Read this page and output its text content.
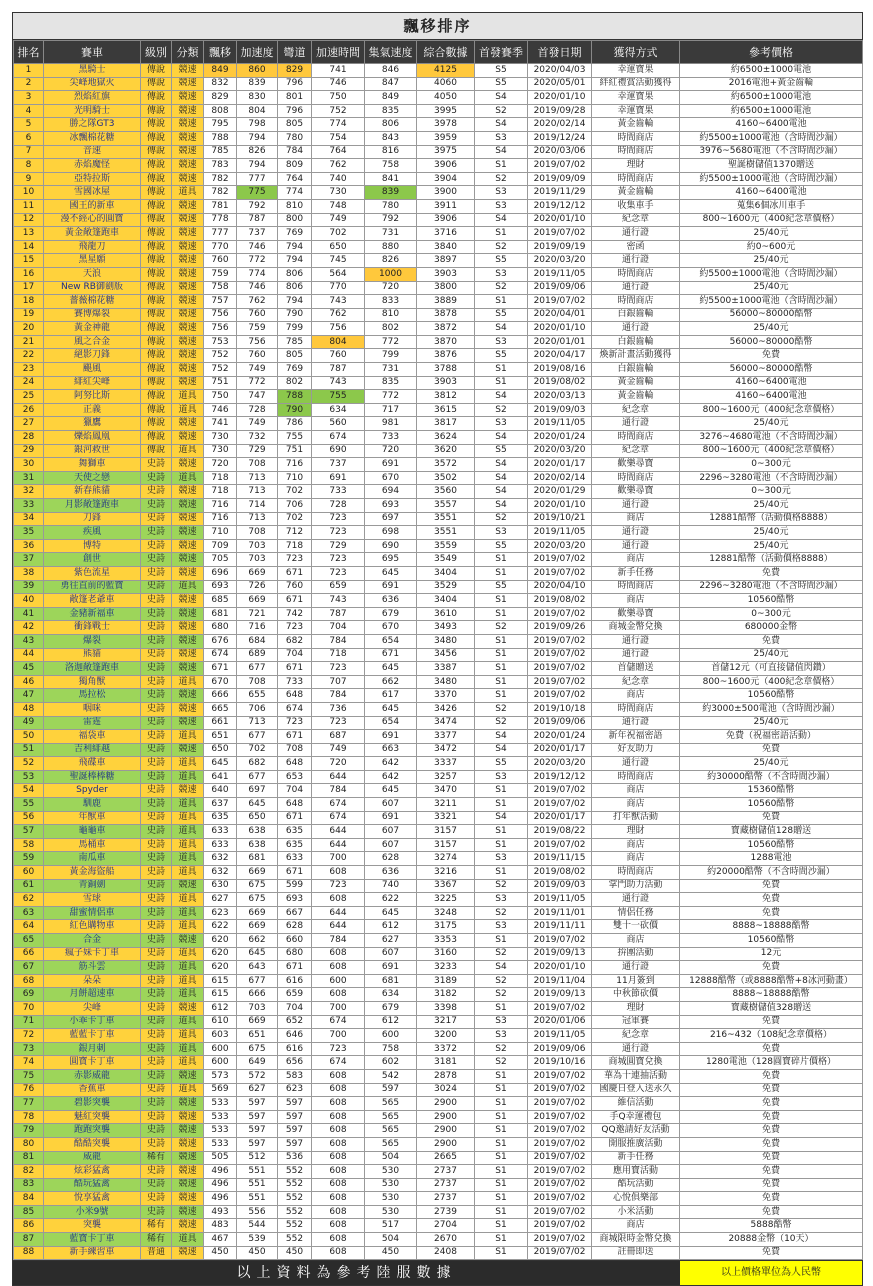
飄移排序
排名	賽車	級別	分類	飄移	加速度	彎道	加速時間	集氣速度	綜合數據	首發賽季	首發日期	獲得方式	參考價格
1	黑騎士	傳說	競速	849	860	829	741	846	4125	S5	2020/04/03	幸運寶果	約6500±1000電池
2	尖峰地獄火	傳說	競速	832	839	796	746	847	4060	S5	2020/05/01	絆紅禮賞活動獲得	2016電池+黃金齒輪
3	烈焰紅旗	傳說	競速	829	830	801	750	849	4050	S4	2020/01/10	幸運寶果	約6500±1000電池
4	光明騎士	傳說	競速	808	804	796	752	835	3995	S2	2019/09/28	幸運寶果	約6500±1000電池
5	勝之隊GT3	傳說	競速	795	798	805	774	806	3978	S4	2020/02/14	黃金齒輪	4160~6400電池
6	冰飄棉花糖	傳說	競速	788	794	780	754	843	3959	S3	2019/12/24	時間商店	約5500±1000電池（含時間沙漏）
7	音速	傳說	競速	785	826	784	764	816	3975	S4	2020/03/06	時間商店	3976~5680電池（不含時間沙漏）
8	赤焰魔怪	傳說	競速	783	794	809	762	758	3906	S1	2019/07/02	理財	聖誕樹儲值1370贈送
9	亞特拉斯	傳說	競速	782	777	764	740	841	3904	S2	2019/09/09	時間商店	約5500±1000電池（含時間沙漏）
10	雪國冰屋	傳說	道具	782	775	774	730	839	3900	S3	2019/11/29	黃金齒輪	4160~6400電池
11	國王的新車	傳說	競速	781	792	810	748	780	3911	S3	2019/12/12	收集車手	蒐集6個冰川車手
12	漫不經心的圓寶	傳說	競速	778	787	800	749	792	3906	S4	2020/01/10	紀念章	800~1600元（400紀念章價格）
13	黃金敞篷跑車	傳說	競速	777	737	769	702	731	3716	S1	2019/07/02	通行證	25/40元
14	飛龍刀	傳說	競速	770	746	794	650	880	3840	S2	2019/09/19	密函	約0~600元
15	黑星願	傳說	競速	760	772	794	745	826	3897	S5	2020/03/20	通行證	25/40元
16	天浪	傳說	競速	759	774	806	564	1000	3903	S3	2019/11/05	時間商店	約5500±1000電池（含時間沙漏）
17	New RB御劍版	傳說	競速	758	746	806	770	720	3800	S2	2019/09/06	通行證	25/40元
18	薔薇棉花糖	傳說	競速	757	762	794	743	833	3889	S1	2019/07/02	時間商店	約5500±1000電池（含時間沙漏）
19	賽博爆裂	傳說	競速	756	760	790	762	810	3878	S5	2020/04/01	白銀齒輪	56000~80000酷幣
20	黃金神龍	傳說	競速	756	759	799	756	802	3872	S4	2020/01/10	通行證	25/40元
21	風之合金	傳說	競速	753	756	785	804	772	3870	S3	2020/01/01	白銀齒輪	56000~80000酷幣
22	絕影刀鋒	傳說	競速	752	760	805	760	799	3876	S5	2020/04/17	煥新計畫活動獲得	免費
23	颶風	傳說	競速	752	749	769	787	731	3788	S1	2019/08/16	白銀齒輪	56000~80000酷幣
24	緋紅尖峰	傳說	競速	751	772	802	743	835	3903	S1	2019/08/02	黃金齒輪	4160~6400電池
25	阿努比斯	傳說	道具	750	747	788	755	772	3812	S4	2020/03/13	黃金齒輪	4160~6400電池
26	正義	傳說	道具	746	728	790	634	717	3615	S2	2019/09/03	紀念章	800~1600元（400紀念章價格）
27	獵鷹	傳說	競速	741	749	786	560	981	3817	S3	2019/11/05	通行證	25/40元
28	爍焰鳳凰	傳說	競速	730	732	755	674	733	3624	S4	2020/01/24	時間商店	3276~4680電池（不含時間沙漏）
29	銀河救世	傳說	道具	730	729	751	690	720	3620	S5	2020/03/20	紀念章	800~1600元（400紀念章價格）
30	舞獅車	史詩	競速	720	708	716	737	691	3572	S4	2020/01/17	歡樂尋寶	0~300元
31	天使之戀	史詩	道具	718	713	710	691	670	3502	S4	2020/02/14	時間商店	2296~3280電池（不含時間沙漏）
32	新春熊貓	史詩	競速	718	713	702	733	694	3560	S4	2020/01/29	歡樂尋寶	0~300元
33	月影敞篷跑車	史詩	競速	716	714	706	728	693	3557	S4	2020/01/10	通行證	25/40元
34	刀鋒	史詩	競速	716	713	702	723	697	3551	S2	2019/10/21	商店	12881酷幣（活動價格8888）
35	疾風	史詩	競速	710	708	712	723	698	3551	S3	2019/11/05	通行證	25/40元
36	博特	史詩	競速	709	703	718	729	690	3559	S5	2020/03/20	通行證	25/40元
37	創世	史詩	競速	705	703	723	723	695	3549	S1	2019/07/02	商店	12881酷幣（活動價格8888）
38	紫色流星	史詩	競速	696	669	671	723	645	3404	S1	2019/07/02	新手任務	免費
39	勇往直前的藍寶	史詩	道具	693	726	760	659	691	3529	S5	2020/04/10	時間商店	2296~3280電池（不含時間沙漏）
40	敞篷老爺車	史詩	競速	685	669	671	743	636	3404	S1	2019/08/02	商店	10560酷幣
41	金豬新福車	史詩	競速	681	721	742	787	679	3610	S1	2019/07/02	歡樂尋寶	0~300元
42	衝鋒戰士	史詩	競速	680	716	723	704	670	3493	S2	2019/09/26	商城金幣兌換	680000金幣
43	爆裂	史詩	競速	676	684	682	784	654	3480	S1	2019/07/02	通行證	免費
44	熊貓	史詩	競速	674	689	704	718	671	3456	S1	2019/07/02	通行證	25/40元
45	洛迦敞篷跑車	史詩	競速	671	677	671	723	645	3387	S1	2019/07/02	首儲贈送	首儲12元（可直接儲值閃鑽）
46	獨角獸	史詩	道具	670	708	733	707	662	3480	S1	2019/07/02	紀念章	800~1600元（400紀念章價格）
47	馬拉松	史詩	競速	666	655	648	784	617	3370	S1	2019/07/02	商店	10560酷幣
48	咽咪	史詩	競速	665	706	674	736	645	3426	S2	2019/10/18	時間商店	約3000±500電池（含時間沙漏）
49	雷霆	史詩	競速	661	713	723	723	654	3474	S2	2019/09/06	通行證	25/40元
50	福袋車	史詩	道具	651	677	671	687	691	3377	S4	2020/01/24	新年祝福密語	免費（祝福密語活動）
51	吉利緋越	史詩	競速	650	702	708	749	663	3472	S4	2020/01/17	好友助力	免費
52	飛碟車	史詩	道具	645	682	648	720	642	3337	S5	2020/03/20	通行證	25/40元
53	聖誕棒棒糖	史詩	道具	641	677	653	644	642	3257	S3	2019/12/12	時間商店	約30000酷幣（不含時間沙漏）
54	Spyder	史詩	競速	640	697	704	784	645	3470	S1	2019/07/02	商店	15360酷幣
55	馴鹿	史詩	道具	637	645	648	674	607	3211	S1	2019/07/02	商店	10560酷幣
56	年獸車	史詩	道具	635	650	671	674	691	3321	S4	2020/01/17	打年獸活動	免費
57	龜龜車	史詩	道具	633	638	635	644	607	3157	S1	2019/08/22	理財	寶藏樹儲值128贈送
58	馬桶車	史詩	道具	633	638	635	644	607	3157	S1	2019/07/02	商店	10560酷幣
59	南瓜車	史詩	道具	632	681	633	700	628	3274	S3	2019/11/15	商店	1288電池
60	黃金海盜船	史詩	道具	632	669	671	608	636	3216	S1	2019/08/02	時間商店	約20000酷幣（不含時間沙漏）
61	青銅劍	史詩	競速	630	675	599	723	740	3367	S2	2019/09/03	掌門助力活動	免費
62	雪球	史詩	道具	627	675	693	608	622	3225	S3	2019/11/05	通行證	免費
63	甜蜜情侶車	史詩	道具	623	669	667	644	645	3248	S2	2019/11/01	情侶任務	免費
64	紅色購物車	史詩	道具	622	669	628	644	612	3175	S3	2019/11/11	雙十一砍價	8888~18888酷幣
65	合金	史詩	競速	620	662	660	784	627	3353	S1	2019/07/02	商店	10560酷幣
66	瘋子妹卡丁車	史詩	道具	620	645	680	608	607	3160	S2	2019/09/13	拚團活動	12元
67	筋斗雲	史詩	道具	620	643	671	608	691	3233	S4	2020/01/10	通行證	免費
68	朵朵	史詩	道具	615	677	616	600	681	3189	S2	2019/11/04	11月簽到	12888酷幣（或8888酷幣+8冰河動畫）
69	月餅超速車	史詩	道具	615	666	659	608	634	3182	S2	2019/09/13	中秋節砍價	8888~18888酷幣
70	尖峰	史詩	競速	612	703	704	700	679	3398	S1	2019/07/02	理財	寶藏樹儲值328贈送
71	小乖卡丁車	史詩	道具	610	669	652	674	612	3217	S3	2020/01/06	冠軍賽	免費
72	藍藍卡丁車	史詩	道具	603	651	646	700	600	3200	S3	2019/11/05	紀念章	216~432（108紀念章價格）
73	銀月刺	史詩	道具	600	675	616	723	758	3372	S2	2019/09/06	通行證	免費
74	圓寶卡丁車	史詩	道具	600	649	656	674	602	3181	S2	2019/10/16	商城圓寶兌換	1280電池（128圓寶碎片價格）
75	赤影威龍	史詩	競速	573	572	583	608	542	2878	S1	2019/07/02	華為十連抽活動	免費
76	香蕉車	史詩	道具	569	627	623	608	597	3024	S1	2019/07/02	國慶日登入送永久	免費
77	碧影突襲	史詩	競速	533	597	597	608	565	2900	S1	2019/07/02	維信活動	免費
78	魅紅突襲	史詩	競速	533	597	597	608	565	2900	S1	2019/07/02	手Q幸運禮包	免費
79	跑跑突襲	史詩	競速	533	597	597	608	565	2900	S1	2019/07/02	QQ邀請好友活動	免費
80	酷酷突襲	史詩	競速	533	597	597	608	565	2900	S1	2019/07/02	開服推廣活動	免費
81	威龍	稀有	競速	505	512	536	608	504	2665	S1	2019/07/02	新手任務	免費
82	炫彩猛禽	史詩	競速	496	551	552	608	530	2737	S1	2019/07/02	應用寶活動	免費
83	酷玩猛禽	史詩	競速	496	551	552	608	530	2737	S1	2019/07/02	酷玩活動	免費
84	悅享猛禽	史詩	競速	496	551	552	608	530	2737	S1	2019/07/02	心悅俱樂部	免費
85	小米9號	史詩	競速	493	556	552	608	530	2739	S1	2019/07/02	小米活動	免費
86	突襲	稀有	競速	483	544	552	608	517	2704	S1	2019/07/02	商店	5888酷幣
87	藍寶卡丁車	稀有	道具	467	539	552	608	504	2670	S1	2019/07/02	商城限時金幣兌換	20888金幣（10天）
88	新手練習車	普通	競速	450	450	450	608	450	2408	S1	2019/07/02	註冊即送	免費
以上資料為參考陸服數據	以上價格單位為人民幣
